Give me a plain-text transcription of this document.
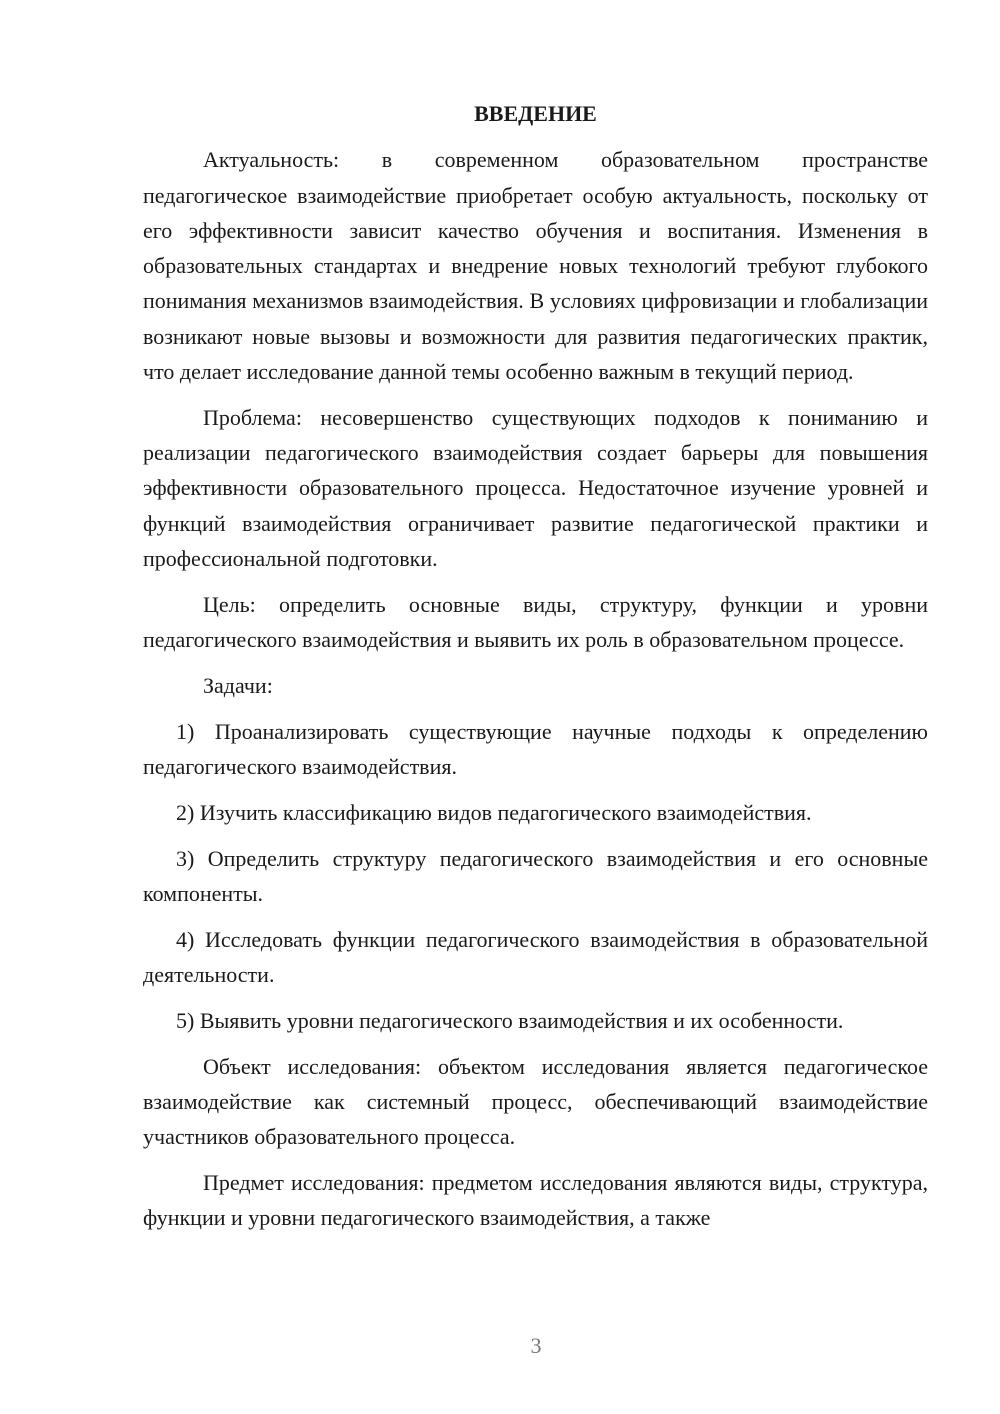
ВВЕДЕНИЕ

Актуальность: в современном образовательном пространстве педагогическое взаимодействие приобретает особую актуальность, поскольку от его эффективности зависит качество обучения и воспитания. Изменения в образовательных стандартах и внедрение новых технологий требуют глубокого понимания механизмов взаимодействия. В условиях цифровизации и глобализации возникают новые вызовы и возможности для развития педагогических практик, что делает исследование данной темы особенно важным в текущий период.

Проблема: несовершенство существующих подходов к пониманию и реализации педагогического взаимодействия создает барьеры для повышения эффективности образовательного процесса. Недостаточное изучение уровней и функций взаимодействия ограничивает развитие педагогической практики и профессиональной подготовки.

Цель: определить основные виды, структуру, функции и уровни педагогического взаимодействия и выявить их роль в образовательном процессе.

Задачи:

1) Проанализировать существующие научные подходы к определению педагогического взаимодействия.

2) Изучить классификацию видов педагогического взаимодействия.

3) Определить структуру педагогического взаимодействия и его основные компоненты.

4) Исследовать функции педагогического взаимодействия в образовательной деятельности.

5) Выявить уровни педагогического взаимодействия и их особенности.

Объект исследования: объектом исследования является педагогическое взаимодействие как системный процесс, обеспечивающий взаимодействие участников образовательного процесса.

Предмет исследования: предметом исследования являются виды, структура, функции и уровни педагогического взаимодействия, а также

3
